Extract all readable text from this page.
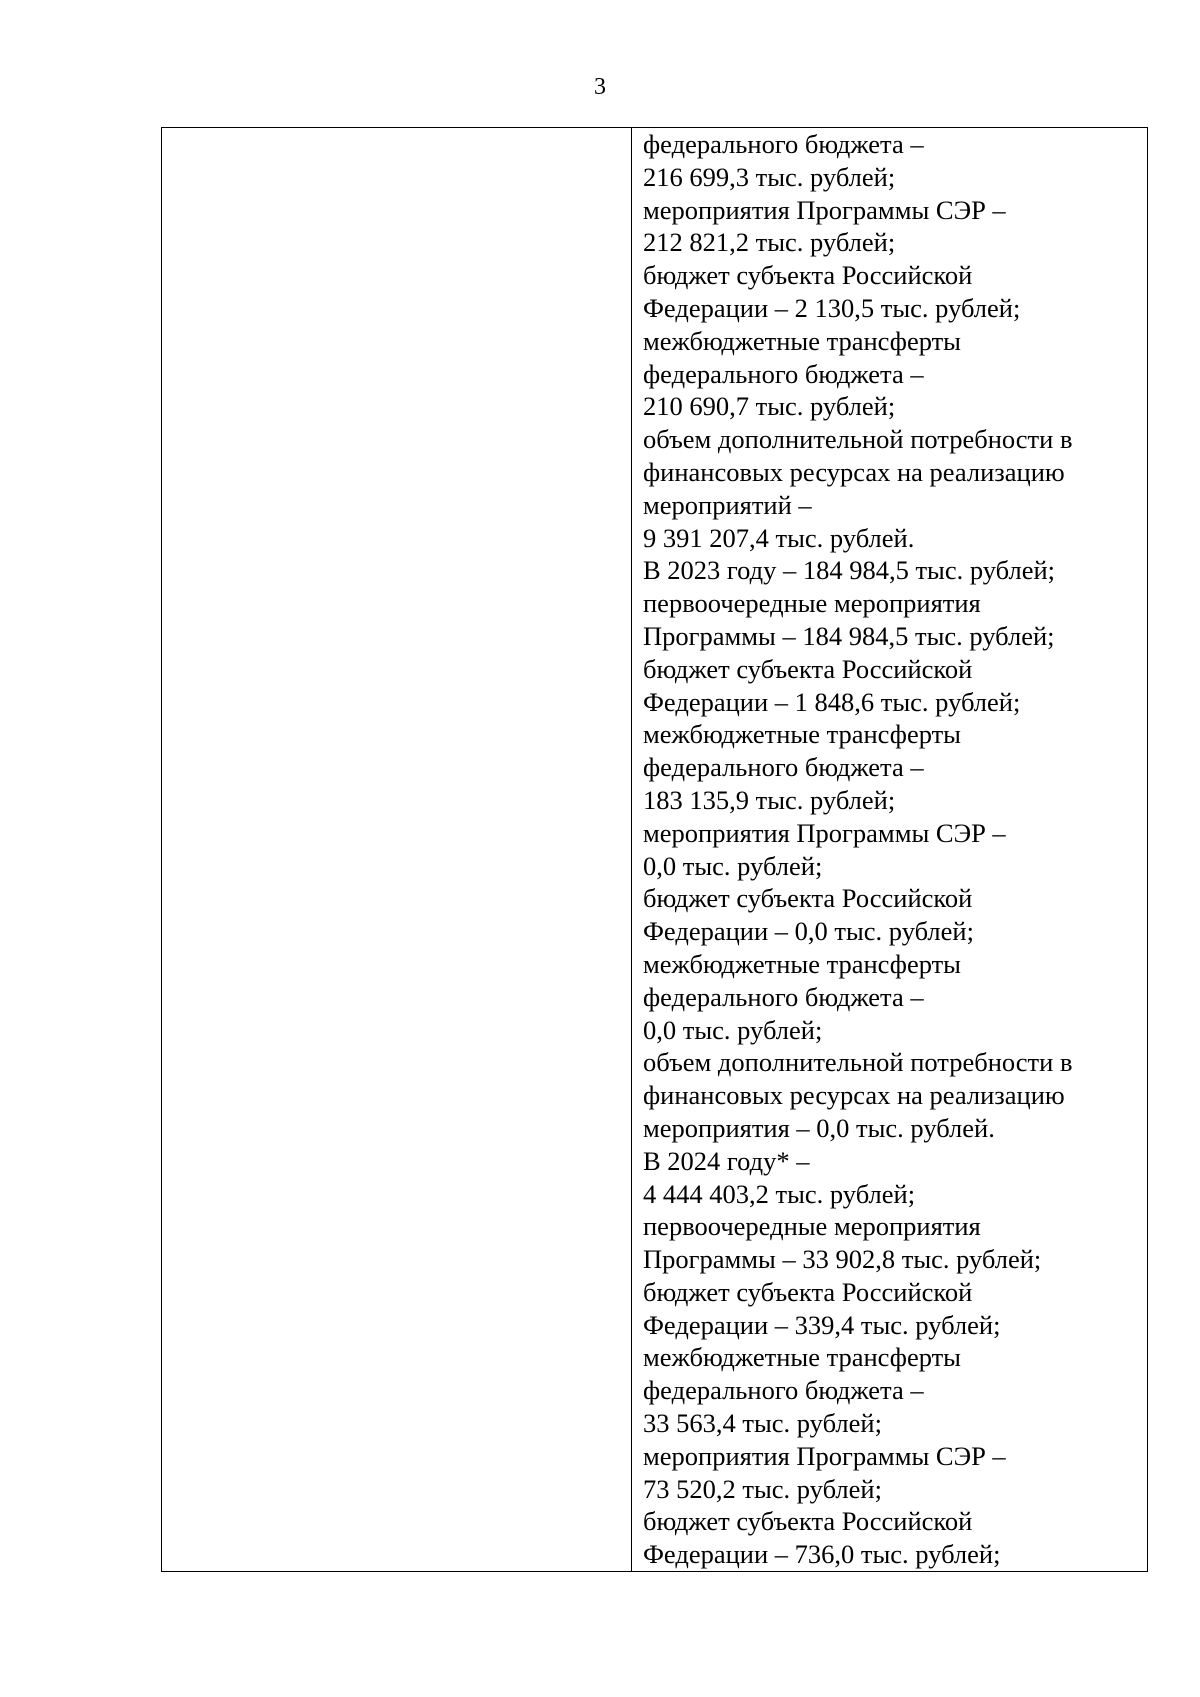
3
федерального бюджета –
216 699,3 тыс. рублей;
мероприятия Программы СЭР –
212 821,2 тыс. рублей;
бюджет субъекта Российской
Федерации – 2 130,5 тыс. рублей;
межбюджетные трансферты
федерального бюджета –
210 690,7 тыс. рублей;
объем дополнительной потребности в
финансовых ресурсах на реализацию
мероприятий –
9 391 207,4 тыс. рублей.
В 2023 году – 184 984,5 тыс. рублей;
первоочередные мероприятия
Программы – 184 984,5 тыс. рублей;
бюджет субъекта Российской
Федерации – 1 848,6 тыс. рублей;
межбюджетные трансферты
федерального бюджета –
183 135,9 тыс. рублей;
мероприятия Программы СЭР –
0,0 тыс. рублей;
бюджет субъекта Российской
Федерации – 0,0 тыс. рублей;
межбюджетные трансферты
федерального бюджета –
0,0 тыс. рублей;
объем дополнительной потребности в
финансовых ресурсах на реализацию
мероприятия – 0,0 тыс. рублей.
В 2024 году* –
4 444 403,2 тыс. рублей;
первоочередные мероприятия
Программы – 33 902,8 тыс. рублей;
бюджет субъекта Российской
Федерации – 339,4 тыс. рублей;
межбюджетные трансферты
федерального бюджета –
33 563,4 тыс. рублей;
мероприятия Программы СЭР –
73 520,2 тыс. рублей;
бюджет субъекта Российской
Федерации – 736,0 тыс. рублей;
